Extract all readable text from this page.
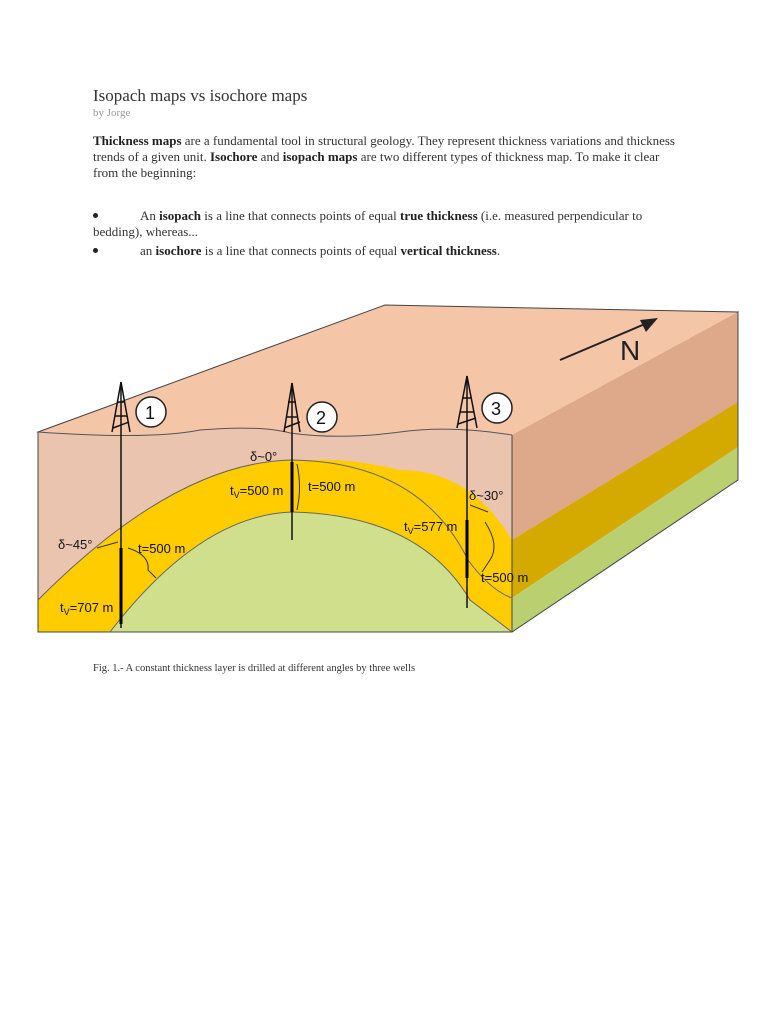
Isopach maps vs isochore maps
by Jorge

Thickness maps are a fundamental tool in structural geology. They represent thickness variations and thickness trends of a given unit. Isochore and isopach maps are two different types of thickness map. To make it clear from the beginning:

An isopach is a line that connects points of equal true thickness (i.e. measured perpendicular to bedding), whereas...
an isochore is a line that connects points of equal vertical thickness.
N
1	2	3
δ~45°	t=500 m
$t_V=707$ m
δ~0°
$t_V=500$ m t=500 m
δ~30°
$t_V=577$ m
t=500 m
Fig. 1.- A constant thickness layer is drilled at different angles by three wells
